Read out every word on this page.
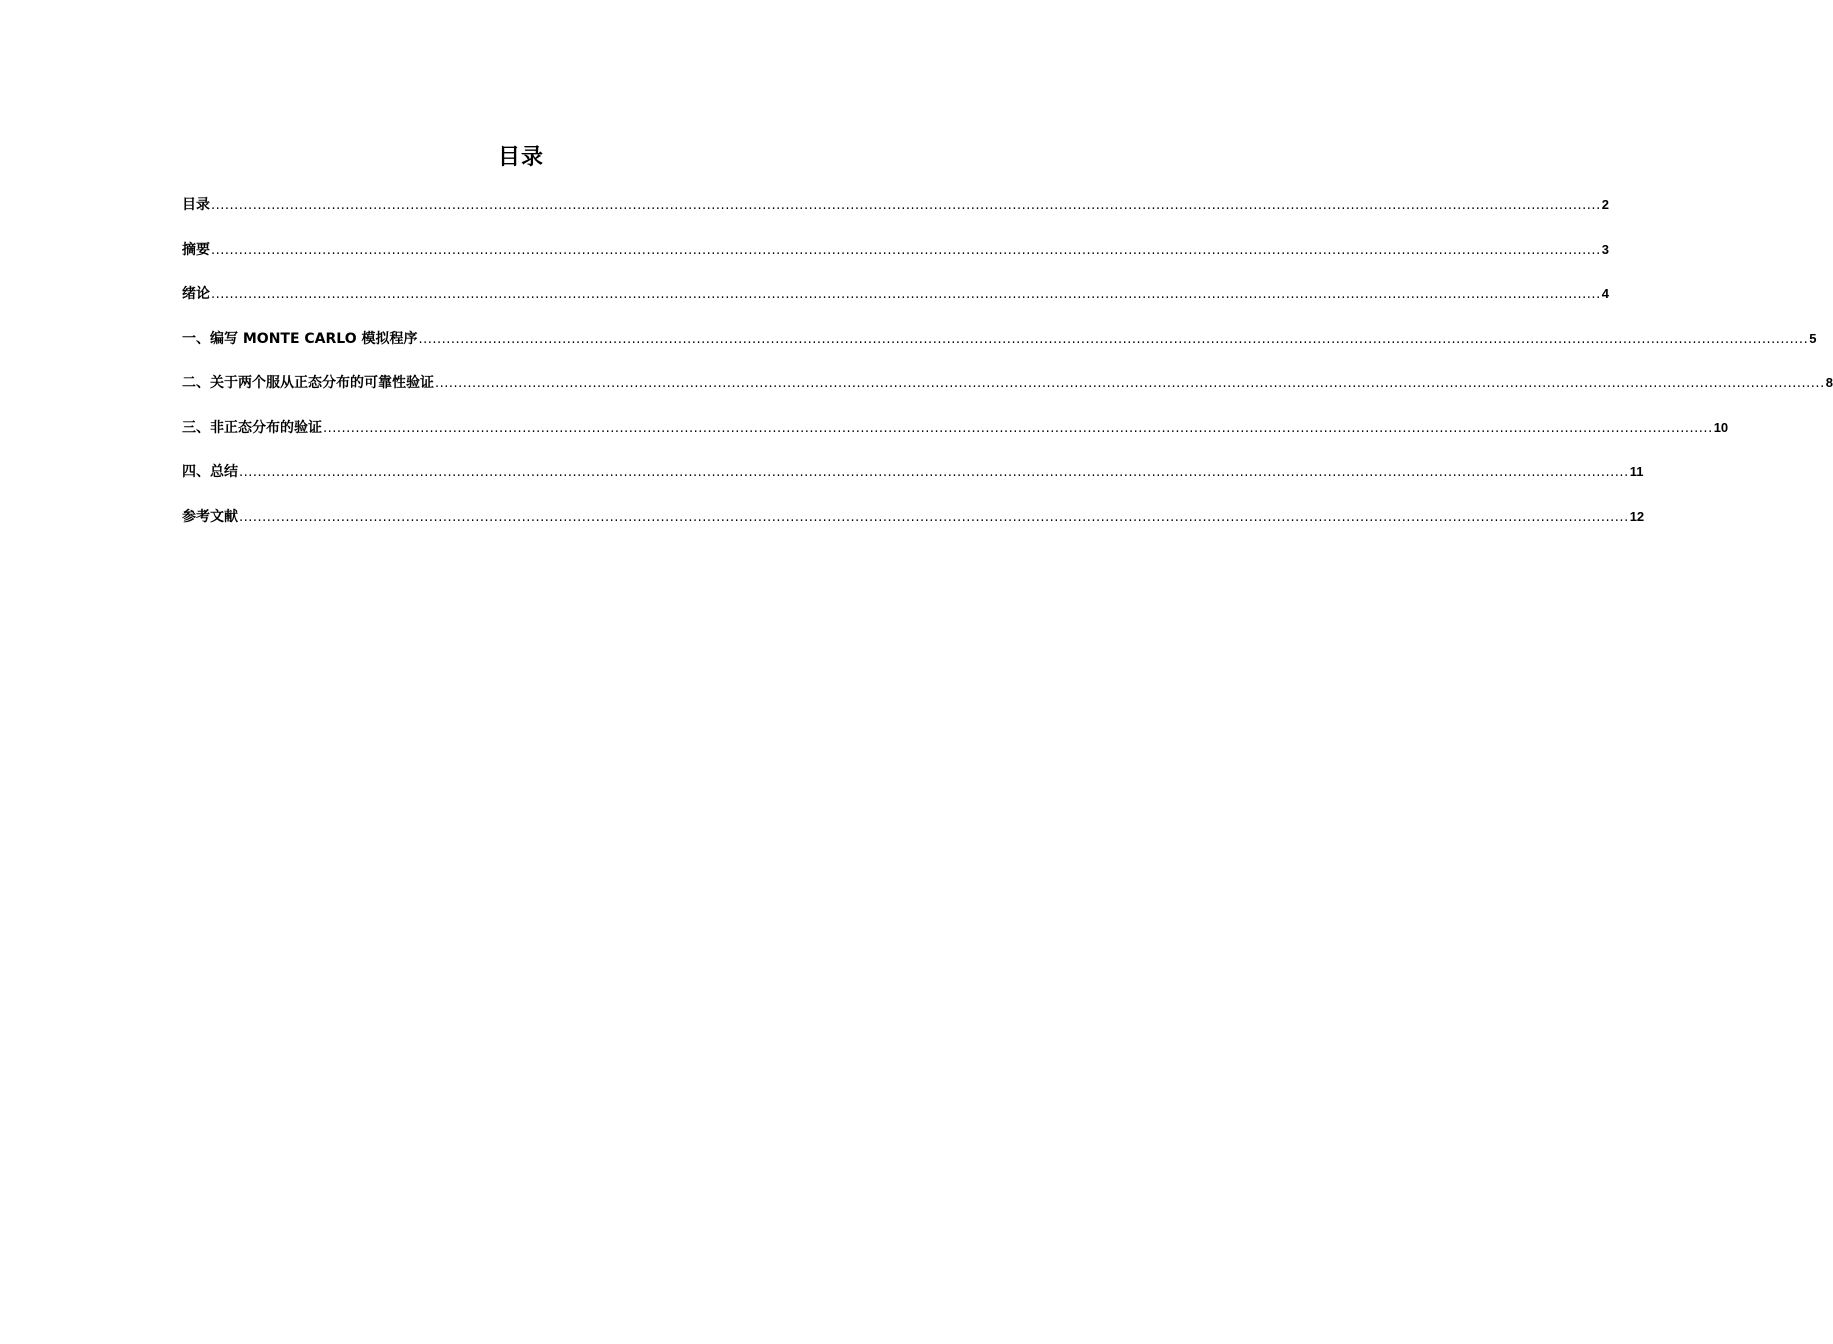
目录
目录 ............................................................................................................................................................................................................................................................................................................ 2
摘要 ............................................................................................................................................................................................................................................................................................................ 3
绪论 ............................................................................................................................................................................................................................................................................................................ 4
一、编写 MONTE CARLO 模拟程序 ............................................................................................................................................................................................................................................................................................................ 5
二、关于两个服从正态分布的可靠性验证 ............................................................................................................................................................................................................................................................................................................ 8
三、非正态分布的验证 ............................................................................................................................................................................................................................................................................................................ 10
四、总结 ............................................................................................................................................................................................................................................................................................................ 11
参考文献 ............................................................................................................................................................................................................................................................................................................ 12
